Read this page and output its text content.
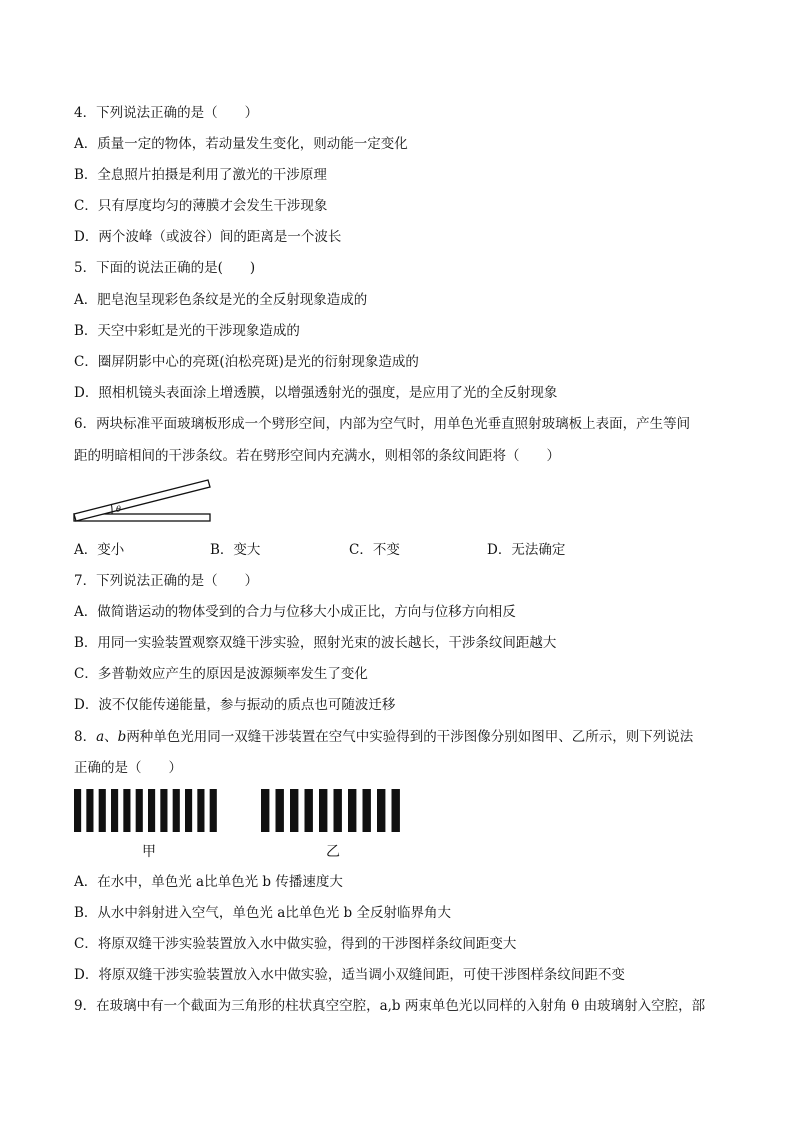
4．下列说法正确的是（　　）
A．质量一定的物体，若动量发生变化，则动能一定变化
B．全息照片拍摄是利用了激光的干涉原理
C．只有厚度均匀的薄膜才会发生干涉现象
D．两个波峰（或波谷）间的距离是一个波长
5．下面的说法正确的是(　　)
A．肥皂泡呈现彩色条纹是光的全反射现象造成的
B．天空中彩虹是光的干涉现象造成的
C．圈屏阴影中心的亮斑(泊松亮斑)是光的衍射现象造成的
D．照相机镜头表面涂上增透膜，以增强透射光的强度，是应用了光的全反射现象
6．两块标准平面玻璃板形成一个劈形空间，内部为空气时，用单色光垂直照射玻璃板上表面，产生等间
距的明暗相间的干涉条纹。若在劈形空间内充满水，则相邻的条纹间距将（　　）
θ
A．变小	B．变大	C．不变	D．无法确定
7．下列说法正确的是（　　）
A．做简谐运动的物体受到的合力与位移大小成正比，方向与位移方向相反
B．用同一实验装置观察双缝干涉实验，照射光束的波长越长，干涉条纹间距越大
C．多普勒效应产生的原因是波源频率发生了变化
D．波不仅能传递能量，参与振动的质点也可随波迁移
8．a、b两种单色光用同一双缝干涉装置在空气中实验得到的干涉图像分别如图甲、乙所示，则下列说法
正确的是（　　）
甲	乙
A．在水中，单色光 a比单色光 b 传播速度大
B．从水中斜射进入空气，单色光 a比单色光 b 全反射临界角大
C．将原双缝干涉实验装置放入水中做实验，得到的干涉图样条纹间距变大
D．将原双缝干涉实验装置放入水中做实验，适当调小双缝间距，可使干涉图样条纹间距不变
9．在玻璃中有一个截面为三角形的柱状真空空腔，a,b 两束单色光以同样的入射角 θ 由玻璃射入空腔，部
